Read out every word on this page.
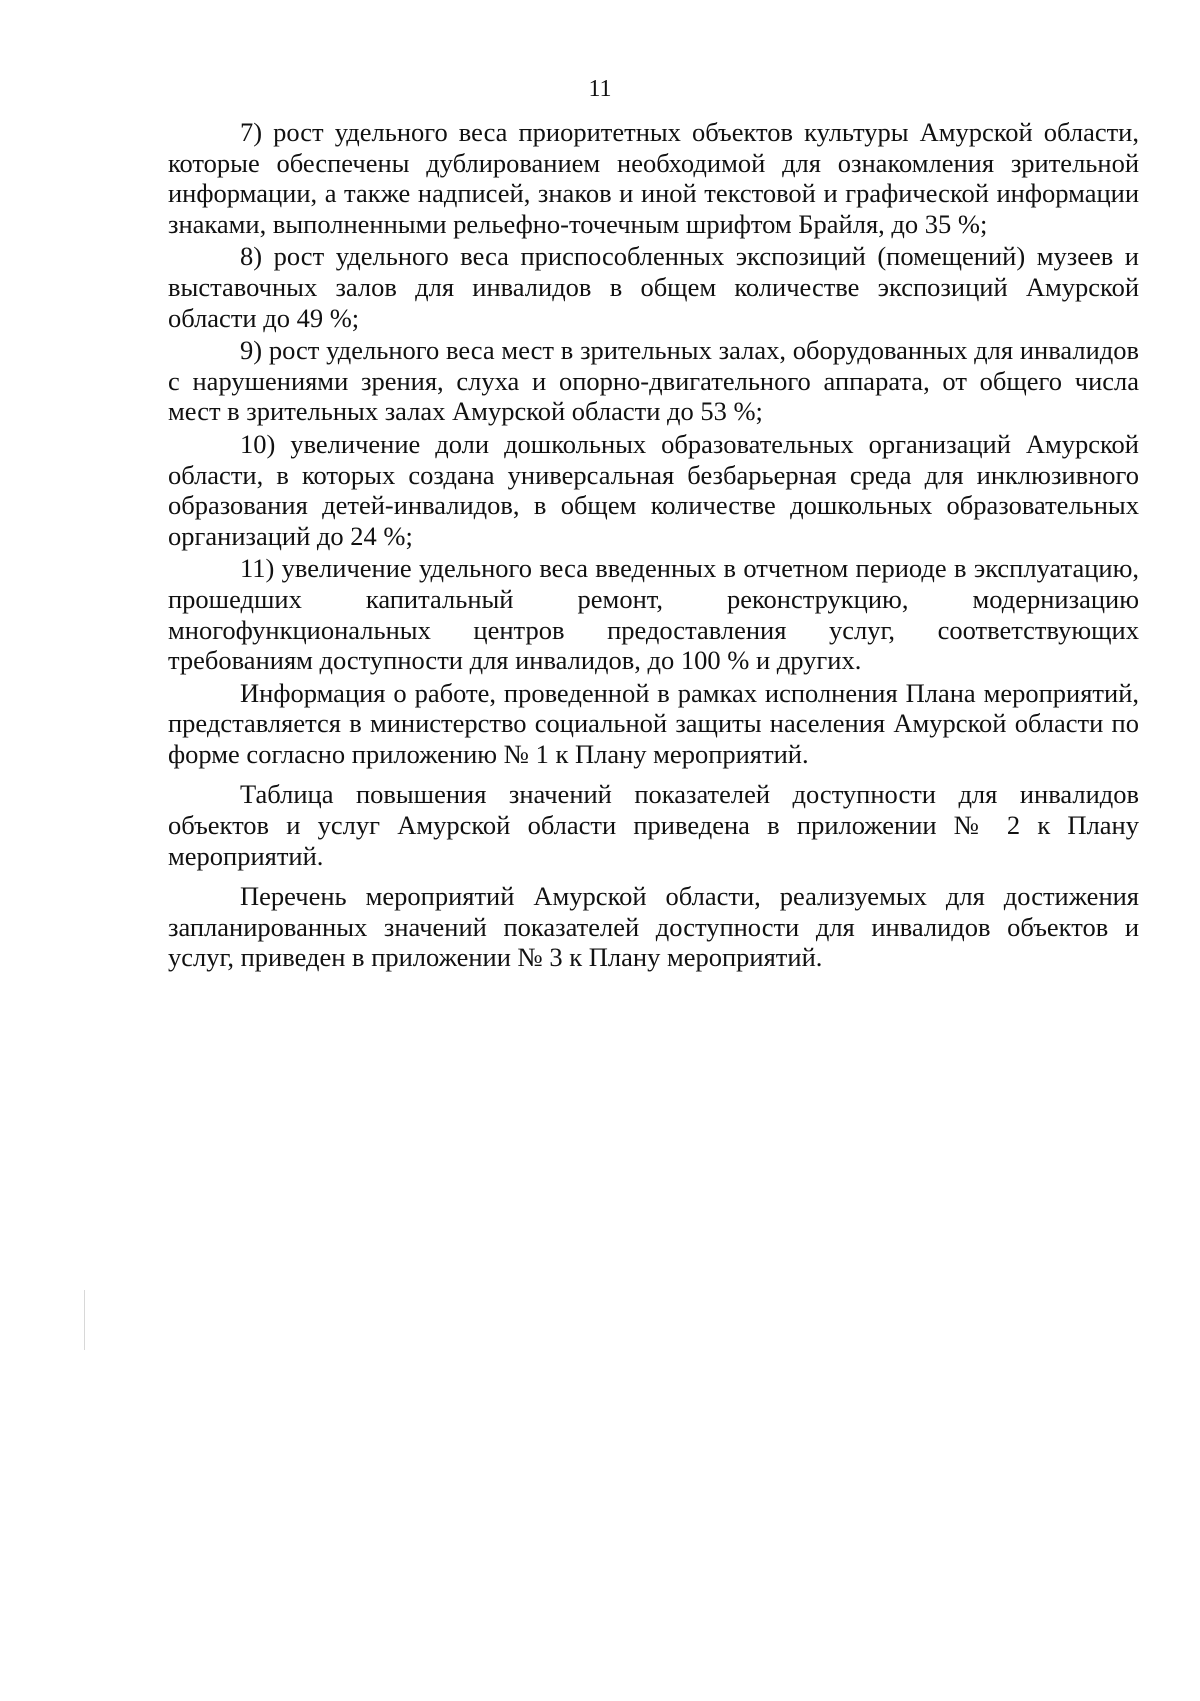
11

7) рост удельного веса приоритетных объектов культуры Амурской области, которые обеспечены дублированием необходимой для ознакомления зрительной информации, а также надписей, знаков и иной текстовой и графической информации знаками, выполненными рельефно-точечным шрифтом Брайля, до 35 %;

8) рост удельного веса приспособленных экспозиций (помещений) музеев и выставочных залов для инвалидов в общем количестве экспозиций Амурской области до 49 %;

9) рост удельного веса мест в зрительных залах, оборудованных для инвалидов с нарушениями зрения, слуха и опорно-двигательного аппарата, от общего числа мест в зрительных залах Амурской области до 53 %;

10) увеличение доли дошкольных образовательных организаций Амурской области, в которых создана универсальная безбарьерная среда для инклюзивного образования детей-инвалидов, в общем количестве дошкольных образовательных организаций до 24 %;

11) увеличение удельного веса введенных в отчетном периоде в эксплуатацию, прошедших капитальный ремонт, реконструкцию, модернизацию многофункциональных центров предоставления услуг, соответствующих требованиям доступности для инвалидов, до 100 % и других.

Информация о работе, проведенной в рамках исполнения Плана мероприятий, представляется в министерство социальной защиты населения Амурской области по форме согласно приложению № 1 к Плану мероприятий.

Таблица повышения значений показателей доступности для инвалидов объектов и услуг Амурской области приведена в приложении № 2 к Плану мероприятий.

Перечень мероприятий Амурской области, реализуемых для достижения запланированных значений показателей доступности для инвалидов объектов и услуг, приведен в приложении № 3 к Плану мероприятий.
